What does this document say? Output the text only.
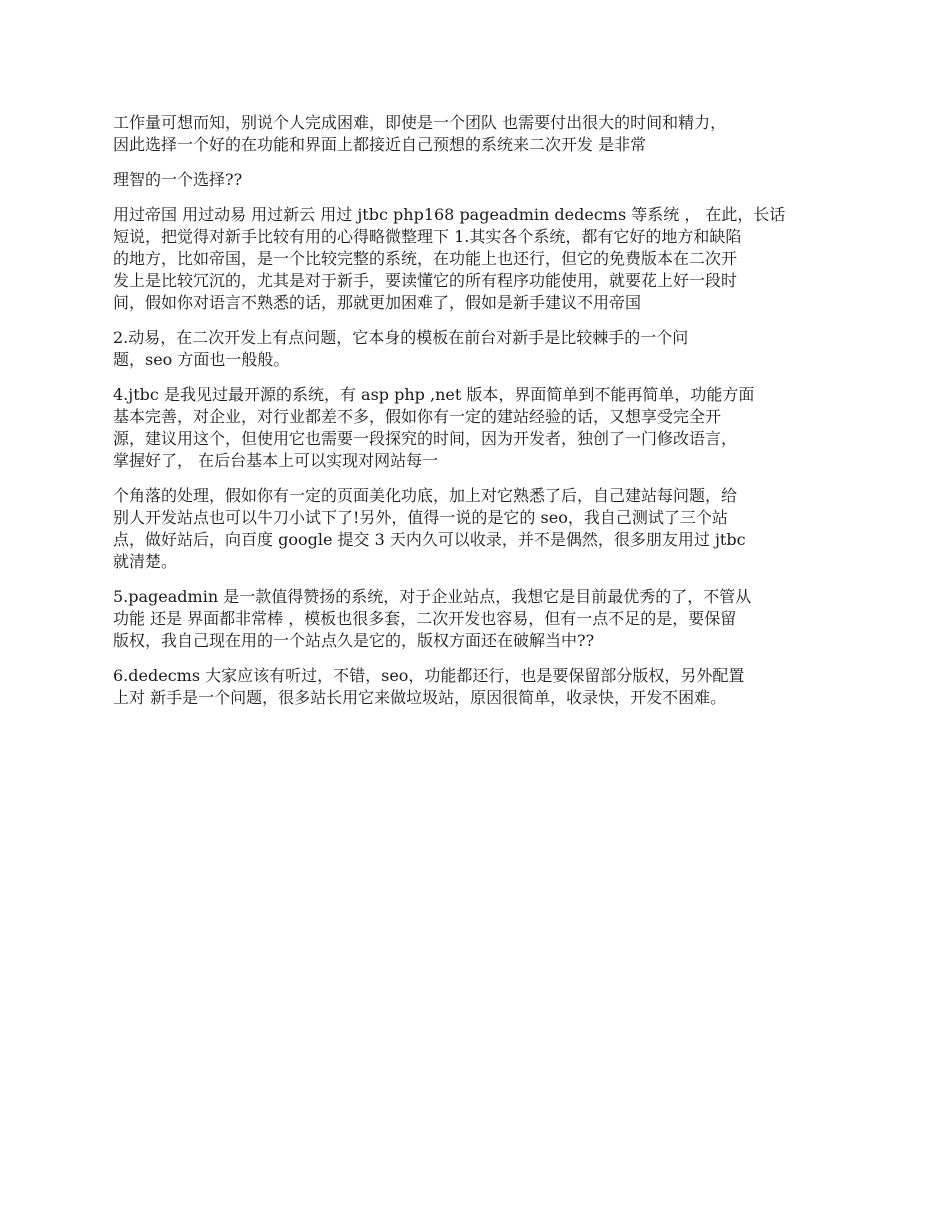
工作量可想而知，别说个人完成困难，即使是一个团队 也需要付出很大的时间和精力，
因此选择一个好的在功能和界面上都接近自己预想的系统来二次开发 是非常

理智的一个选择??

用过帝国 用过动易 用过新云 用过 jtbc php168 pageadmin dedecms 等系统 ， 在此，长话
短说，把觉得对新手比较有用的心得略微整理下 1.其实各个系统，都有它好的地方和缺陷
的地方，比如帝国，是一个比较完整的系统，在功能上也还行，但它的免费版本在二次开
发上是比较冗沉的，尤其是对于新手，要读懂它的所有程序功能使用，就要花上好一段时
间，假如你对语言不熟悉的话，那就更加困难了，假如是新手建议不用帝国

2.动易，在二次开发上有点问题，它本身的模板在前台对新手是比较棘手的一个问
题，seo 方面也一般般。

4.jtbc 是我见过最开源的系统，有 asp php ,net 版本，界面简单到不能再简单，功能方面
基本完善，对企业，对行业都差不多，假如你有一定的建站经验的话，又想享受完全开
源，建议用这个，但使用它也需要一段探究的时间，因为开发者，独创了一门修改语言，
掌握好了， 在后台基本上可以实现对网站每一

个角落的处理，假如你有一定的页面美化功底，加上对它熟悉了后，自己建站每问题，给
别人开发站点也可以牛刀小试下了!另外，值得一说的是它的 seo，我自己测试了三个站
点，做好站后，向百度 google 提交 3 天内久可以收录，并不是偶然，很多朋友用过 jtbc
就清楚。

5.pageadmin 是一款值得赞扬的系统，对于企业站点，我想它是目前最优秀的了，不管从
功能 还是 界面都非常棒 ，模板也很多套，二次开发也容易，但有一点不足的是，要保留
版权，我自己现在用的一个站点久是它的，版权方面还在破解当中??

6.dedecms 大家应该有听过，不错，seo，功能都还行，也是要保留部分版权，另外配置
上对 新手是一个问题，很多站长用它来做垃圾站，原因很简单，收录快，开发不困难。
